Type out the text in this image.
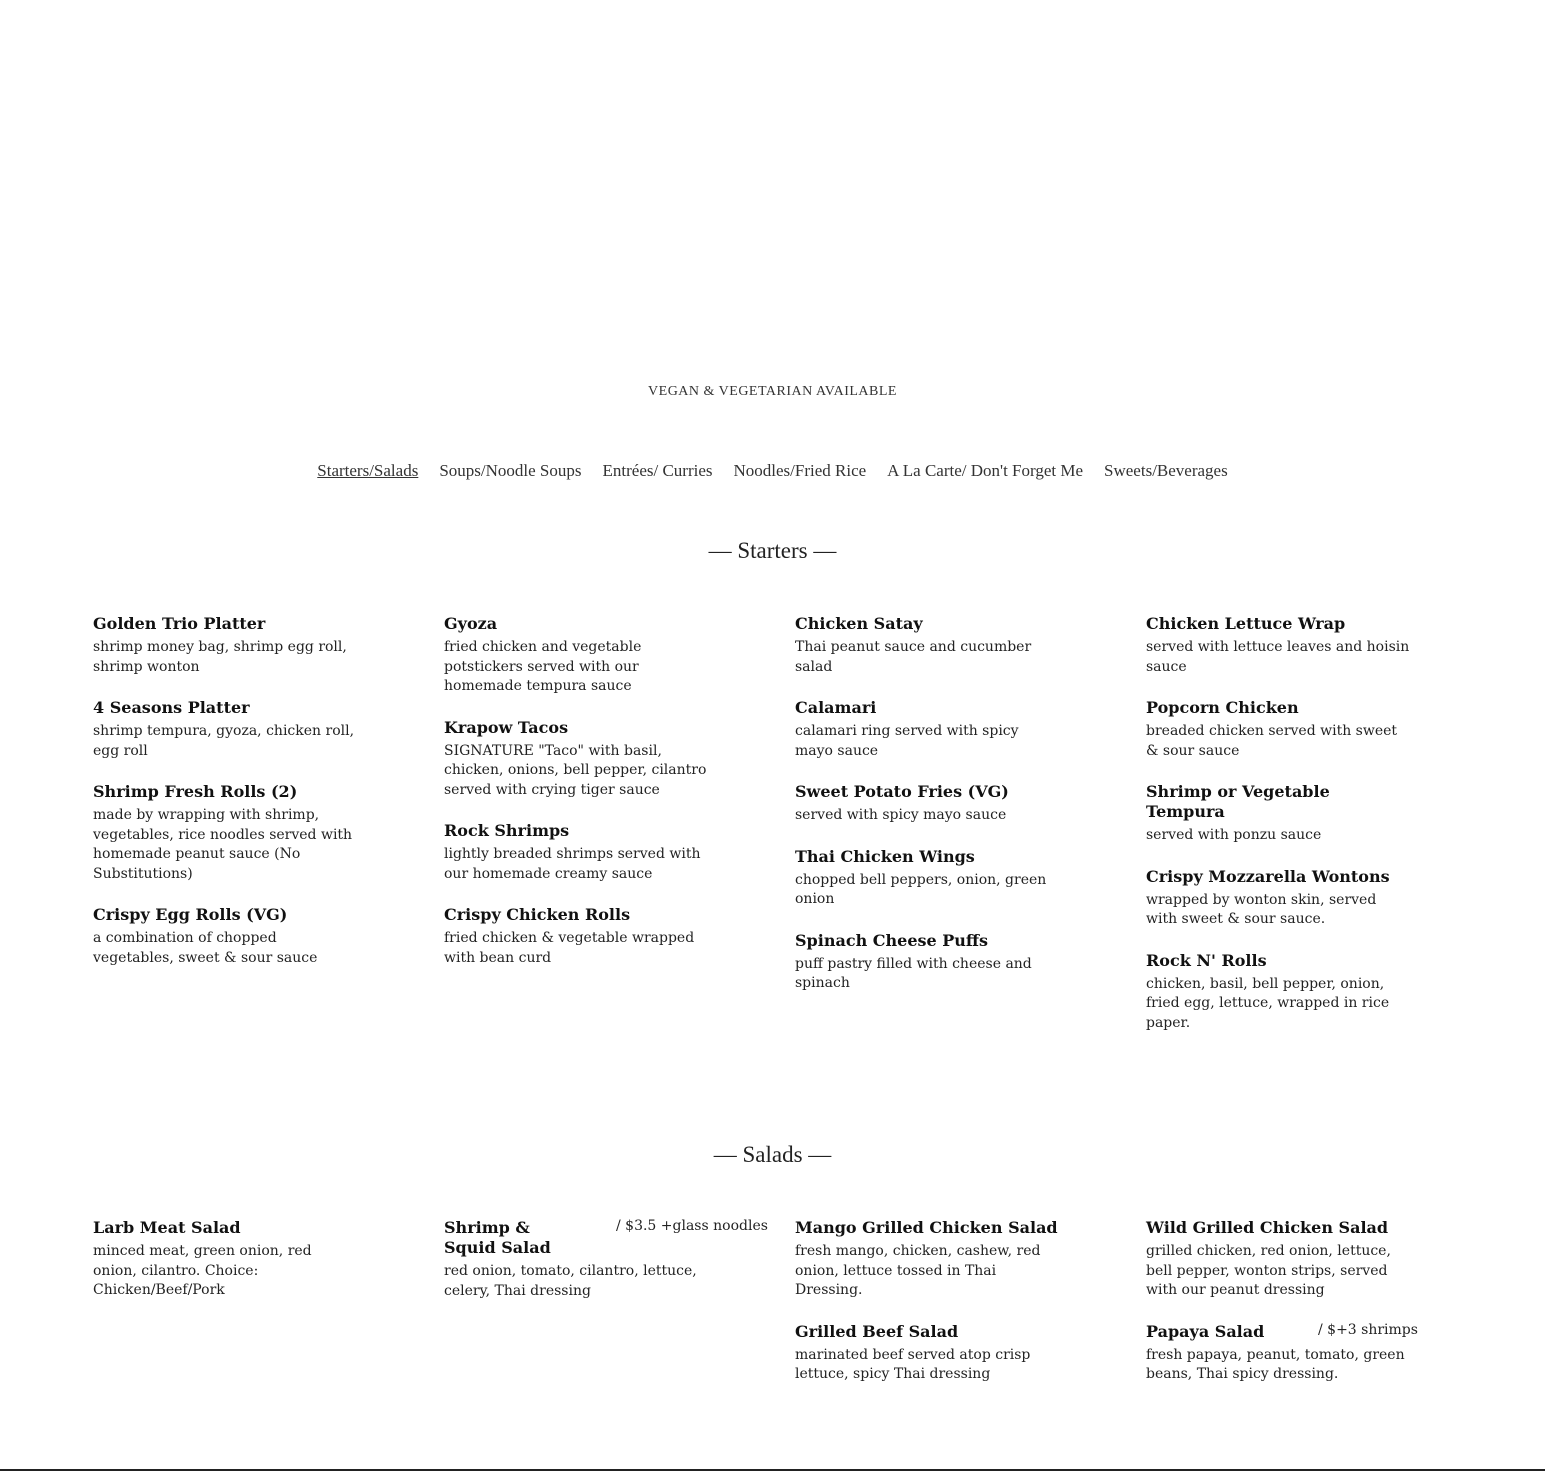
VEGAN & VEGETARIAN AVAILABLE
Starters/Salads Soups/Noodle Soups Entrées/ Curries Noodles/Fried Rice A La Carte/ Don't Forget Me Sweets/Beverages
— Starters —
Golden Trio Platter
shrimp money bag, shrimp egg roll, shrimp wonton
4 Seasons Platter
shrimp tempura, gyoza, chicken roll, egg roll
Shrimp Fresh Rolls (2)
made by wrapping with shrimp, vegetables, rice noodles served with homemade peanut sauce (No Substitutions)
Crispy Egg Rolls (VG)
a combination of chopped vegetables, sweet & sour sauce
Gyoza
fried chicken and vegetable potstickers served with our homemade tempura sauce
Krapow Tacos
SIGNATURE "Taco" with basil, chicken, onions, bell pepper, cilantro served with crying tiger sauce
Rock Shrimps
lightly breaded shrimps served with our homemade creamy sauce
Crispy Chicken Rolls
fried chicken & vegetable wrapped with bean curd
Chicken Satay
Thai peanut sauce and cucumber salad
Calamari
calamari ring served with spicy mayo sauce
Sweet Potato Fries (VG)
served with spicy mayo sauce
Thai Chicken Wings
chopped bell peppers, onion, green onion
Spinach Cheese Puffs
puff pastry filled with cheese and spinach
Chicken Lettuce Wrap
served with lettuce leaves and hoisin sauce
Popcorn Chicken
breaded chicken served with sweet & sour sauce
Shrimp or Vegetable Tempura
served with ponzu sauce
Crispy Mozzarella Wontons
wrapped by wonton skin, served with sweet & sour sauce.
Rock N' Rolls
chicken, basil, bell pepper, onion, fried egg, lettuce, wrapped in rice paper.
— Salads —
Larb Meat Salad
minced meat, green onion, red onion, cilantro. Choice: Chicken/Beef/Pork
Shrimp & Squid Salad
/ $3.5 +glass noodles
red onion, tomato, cilantro, lettuce, celery, Thai dressing
Mango Grilled Chicken Salad
fresh mango, chicken, cashew, red onion, lettuce tossed in Thai Dressing.
Grilled Beef Salad
marinated beef served atop crisp lettuce, spicy Thai dressing
Wild Grilled Chicken Salad
grilled chicken, red onion, lettuce, bell pepper, wonton strips, served with our peanut dressing
Papaya Salad	/ $+3 shrimps
fresh papaya, peanut, tomato, green beans, Thai spicy dressing.
